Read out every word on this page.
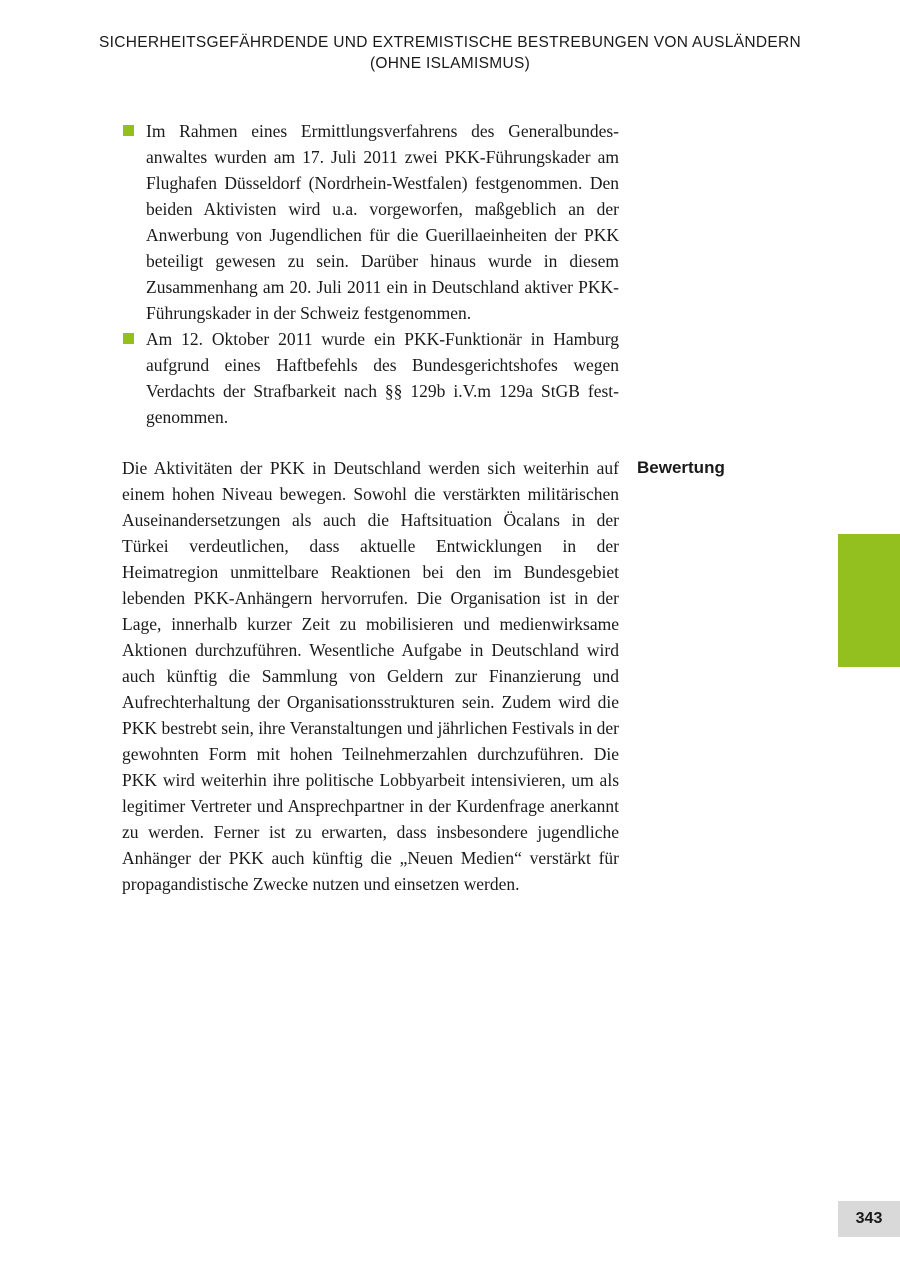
SICHERHEITSGEFÄHRDENDE UND EXTREMISTISCHE BESTREBUNGEN VON AUSLÄNDERN
(OHNE ISLAMISMUS)
Im Rahmen eines Ermittlungsverfahrens des Generalbundesanwaltes wurden am 17. Juli 2011 zwei PKK-Führungskader am Flughafen Düsseldorf (Nordrhein-Westfalen) festgenommen. Den beiden Aktivisten wird u.a. vorgeworfen, maßgeblich an der Anwerbung von Jugendlichen für die Guerillaeinheiten der PKK beteiligt gewesen zu sein. Darüber hinaus wurde in diesem Zusammenhang am 20. Juli 2011 ein in Deutschland aktiver PKK-Führungskader in der Schweiz festgenommen.
Am 12. Oktober 2011 wurde ein PKK-Funktionär in Hamburg aufgrund eines Haftbefehls des Bundesgerichtshofes wegen Verdachts der Strafbarkeit nach §§ 129b i.V.m 129a StGB festgenommen.

Die Aktivitäten der PKK in Deutschland werden sich weiterhin auf einem hohen Niveau bewegen. Sowohl die verstärkten militärischen Auseinandersetzungen als auch die Haftsituation Öcalans in der Türkei verdeutlichen, dass aktuelle Entwicklungen in der Heimatregion unmittelbare Reaktionen bei den im Bundesgebiet lebenden PKK-Anhängern hervorrufen. Die Organisation ist in der Lage, innerhalb kurzer Zeit zu mobilisieren und medienwirksame Aktionen durchzuführen. Wesentliche Aufgabe in Deutschland wird auch künftig die Sammlung von Geldern zur Finanzierung und Aufrechterhaltung der Organisationsstrukturen sein. Zudem wird die PKK bestrebt sein, ihre Veranstaltungen und jährlichen Festivals in der gewohnten Form mit hohen Teilnehmerzahlen durchzuführen. Die PKK wird weiterhin ihre politische Lobbyarbeit intensivieren, um als legitimer Vertreter und Ansprechpartner in der Kurdenfrage anerkannt zu werden. Ferner ist zu erwarten, dass insbesondere jugendliche Anhänger der PKK auch künftig die „Neuen Medien“ verstärkt für propagandistische Zwecke nutzen und einsetzen werden.

Bewertung
343
